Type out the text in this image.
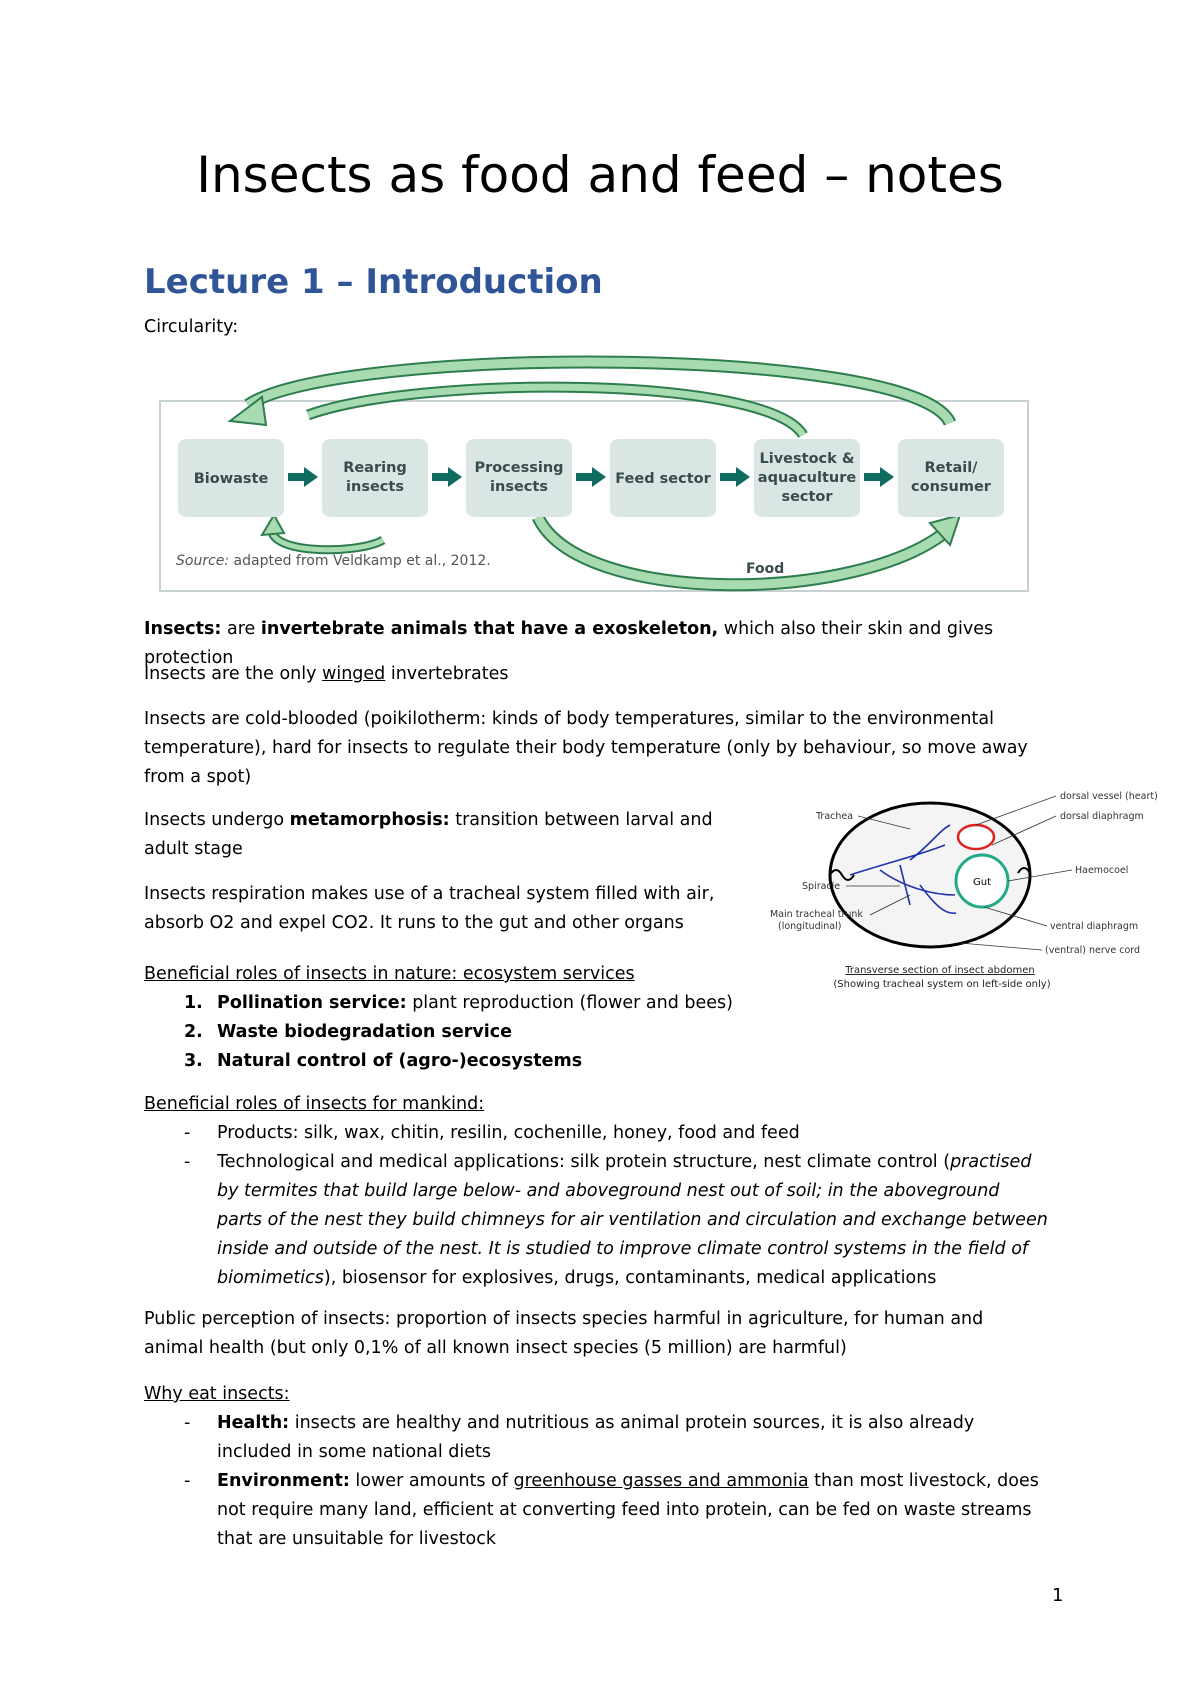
Insects as food and feed – notes
Lecture 1 – Introduction
Circularity:
Biowaste
Rearing
insects
Processing
insects	Feed sector
Livestock &
aquaculture
sector
Retail/
consumer
Food
Source: adapted from Veldkamp et al., 2012.
Insects: are invertebrate animals that have a exoskeleton, which also their skin and gives protection
Insects are the only winged invertebrates
Insects are cold-blooded (poikilotherm: kinds of body temperatures, similar to the environmental
temperature), hard for insects to regulate their body temperature (only by behaviour, so move away
from a spot)
Insects undergo metamorphosis: transition between larval and
adult stage
Insects respiration makes use of a tracheal system filled with air,
absorb O2 and expel CO2. It runs to the gut and other organs
Gut
dorsal vessel (heart)
dorsal diaphragm
Haemocoel
ventral diaphragm
(ventral) nerve cord
Trachea
Spiracle
Main tracheal trunk
(longitudinal)
Transverse section of insect abdomen
(Showing tracheal system on left-side only)
Beneficial roles of insects in nature: ecosystem services
1. Pollination service: plant reproduction (flower and bees)
2. Waste biodegradation service
3. Natural control of (agro-)ecosystems
Beneficial roles of insects for mankind:
- Products: silk, wax, chitin, resilin, cochenille, honey, food and feed
- Technological and medical applications: silk protein structure, nest climate control (practised
by termites that build large below- and aboveground nest out of soil; in the aboveground
parts of the nest they build chimneys for air ventilation and circulation and exchange between
inside and outside of the nest. It is studied to improve climate control systems in the field of
biomimetics), biosensor for explosives, drugs, contaminants, medical applications
Public perception of insects: proportion of insects species harmful in agriculture, for human and
animal health (but only 0,1% of all known insect species (5 million) are harmful)
Why eat insects:
- Health: insects are healthy and nutritious as animal protein sources, it is also already
included in some national diets
- Environment: lower amounts of greenhouse gasses and ammonia than most livestock, does
not require many land, efficient at converting feed into protein, can be fed on waste streams
that are unsuitable for livestock
1
